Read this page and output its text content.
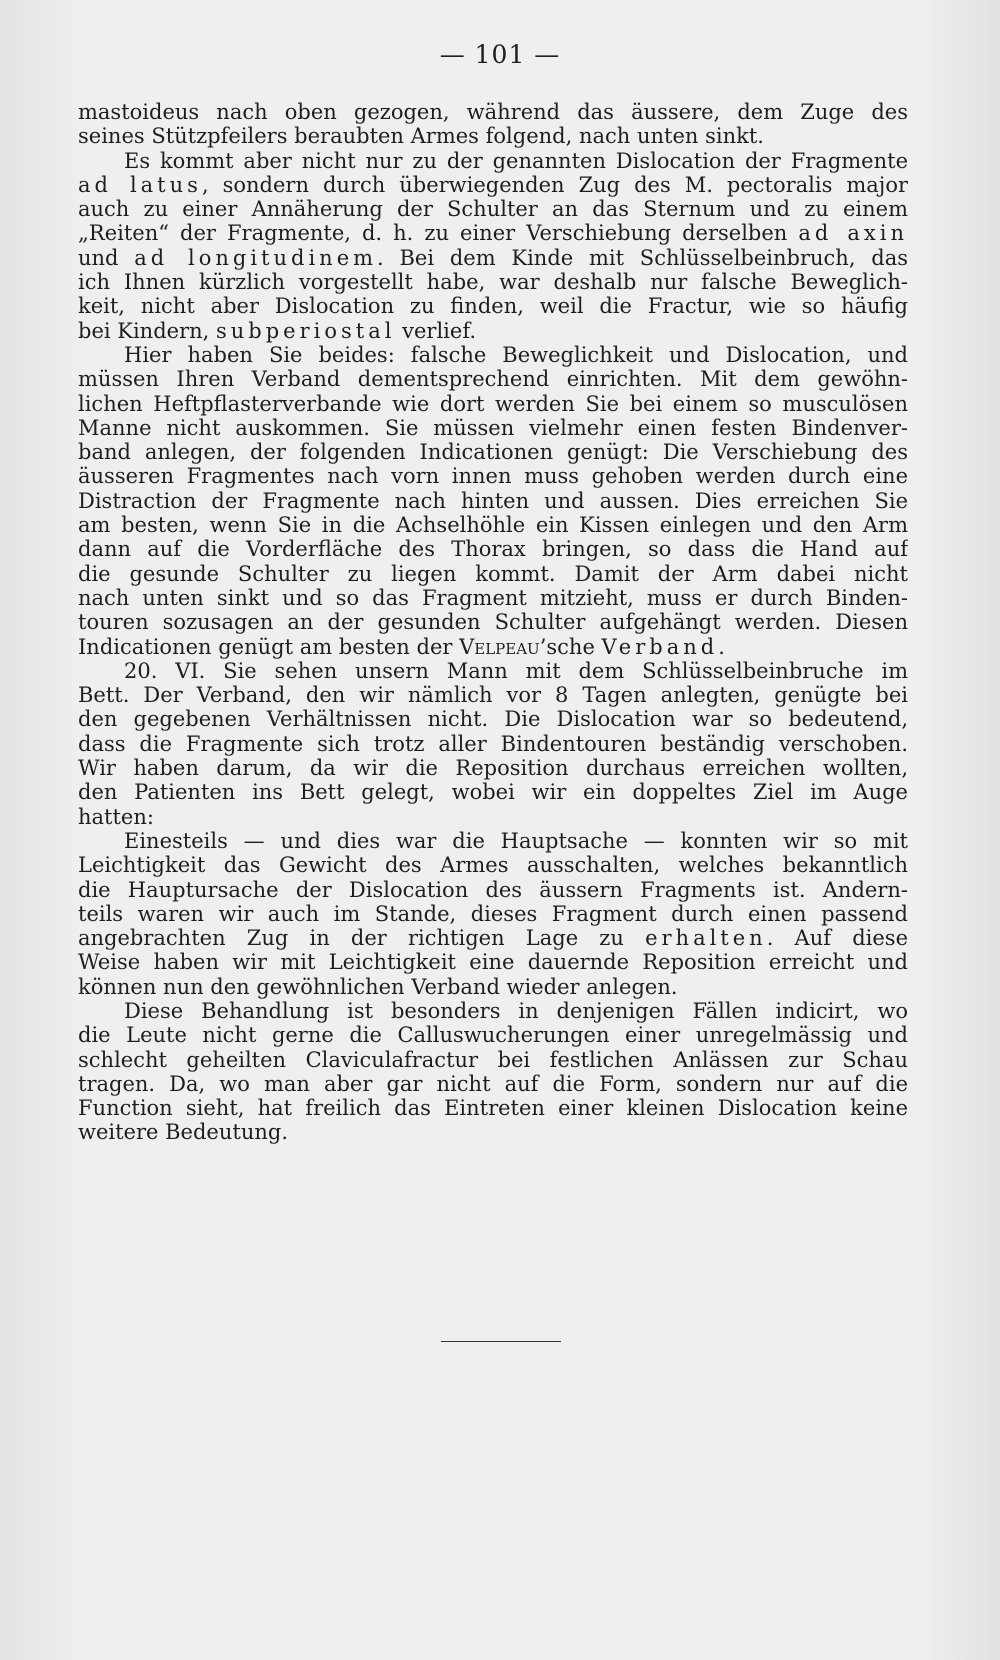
— 101 —
mastoideus nach oben gezogen, während das äussere, dem Zuge des
seines Stützpfeilers beraubten Armes folgend, nach unten sinkt.
Es kommt aber nicht nur zu der genannten Dislocation der Fragmente
ad latus, sondern durch überwiegenden Zug des M. pectoralis major
auch zu einer Annäherung der Schulter an das Sternum und zu einem
„Reiten“ der Fragmente, d. h. zu einer Verschiebung derselben ad axin
und ad longitudinem. Bei dem Kinde mit Schlüsselbeinbruch, das
ich Ihnen kürzlich vorgestellt habe, war deshalb nur falsche Beweglich-
keit, nicht aber Dislocation zu finden, weil die Fractur, wie so häufig
bei Kindern, subperiostal verlief.
Hier haben Sie beides: falsche Beweglichkeit und Dislocation, und
müssen Ihren Verband dementsprechend einrichten. Mit dem gewöhn-
lichen Heftpflasterverbande wie dort werden Sie bei einem so musculösen
Manne nicht auskommen. Sie müssen vielmehr einen festen Bindenver-
band anlegen, der folgenden Indicationen genügt: Die Verschiebung des
äusseren Fragmentes nach vorn innen muss gehoben werden durch eine
Distraction der Fragmente nach hinten und aussen. Dies erreichen Sie
am besten, wenn Sie in die Achselhöhle ein Kissen einlegen und den Arm
dann auf die Vorderfläche des Thorax bringen, so dass die Hand auf
die gesunde Schulter zu liegen kommt. Damit der Arm dabei nicht
nach unten sinkt und so das Fragment mitzieht, muss er durch Binden-
touren sozusagen an der gesunden Schulter aufgehängt werden. Diesen
Indicationen genügt am besten der Velpeau’sche Verband.
20. VI. Sie sehen unsern Mann mit dem Schlüsselbeinbruche im
Bett. Der Verband, den wir nämlich vor 8 Tagen anlegten, genügte bei
den gegebenen Verhältnissen nicht. Die Dislocation war so bedeutend,
dass die Fragmente sich trotz aller Bindentouren beständig verschoben.
Wir haben darum, da wir die Reposition durchaus erreichen wollten,
den Patienten ins Bett gelegt, wobei wir ein doppeltes Ziel im Auge
hatten:
Einesteils — und dies war die Hauptsache — konnten wir so mit
Leichtigkeit das Gewicht des Armes ausschalten, welches bekanntlich
die Hauptursache der Dislocation des äussern Fragments ist. Andern-
teils waren wir auch im Stande, dieses Fragment durch einen passend
angebrachten Zug in der richtigen Lage zu erhalten. Auf diese
Weise haben wir mit Leichtigkeit eine dauernde Reposition erreicht und
können nun den gewöhnlichen Verband wieder anlegen.
Diese Behandlung ist besonders in denjenigen Fällen indicirt, wo
die Leute nicht gerne die Calluswucherungen einer unregelmässig und
schlecht geheilten Claviculafractur bei festlichen Anlässen zur Schau
tragen. Da, wo man aber gar nicht auf die Form, sondern nur auf die
Function sieht, hat freilich das Eintreten einer kleinen Dislocation keine
weitere Bedeutung.
